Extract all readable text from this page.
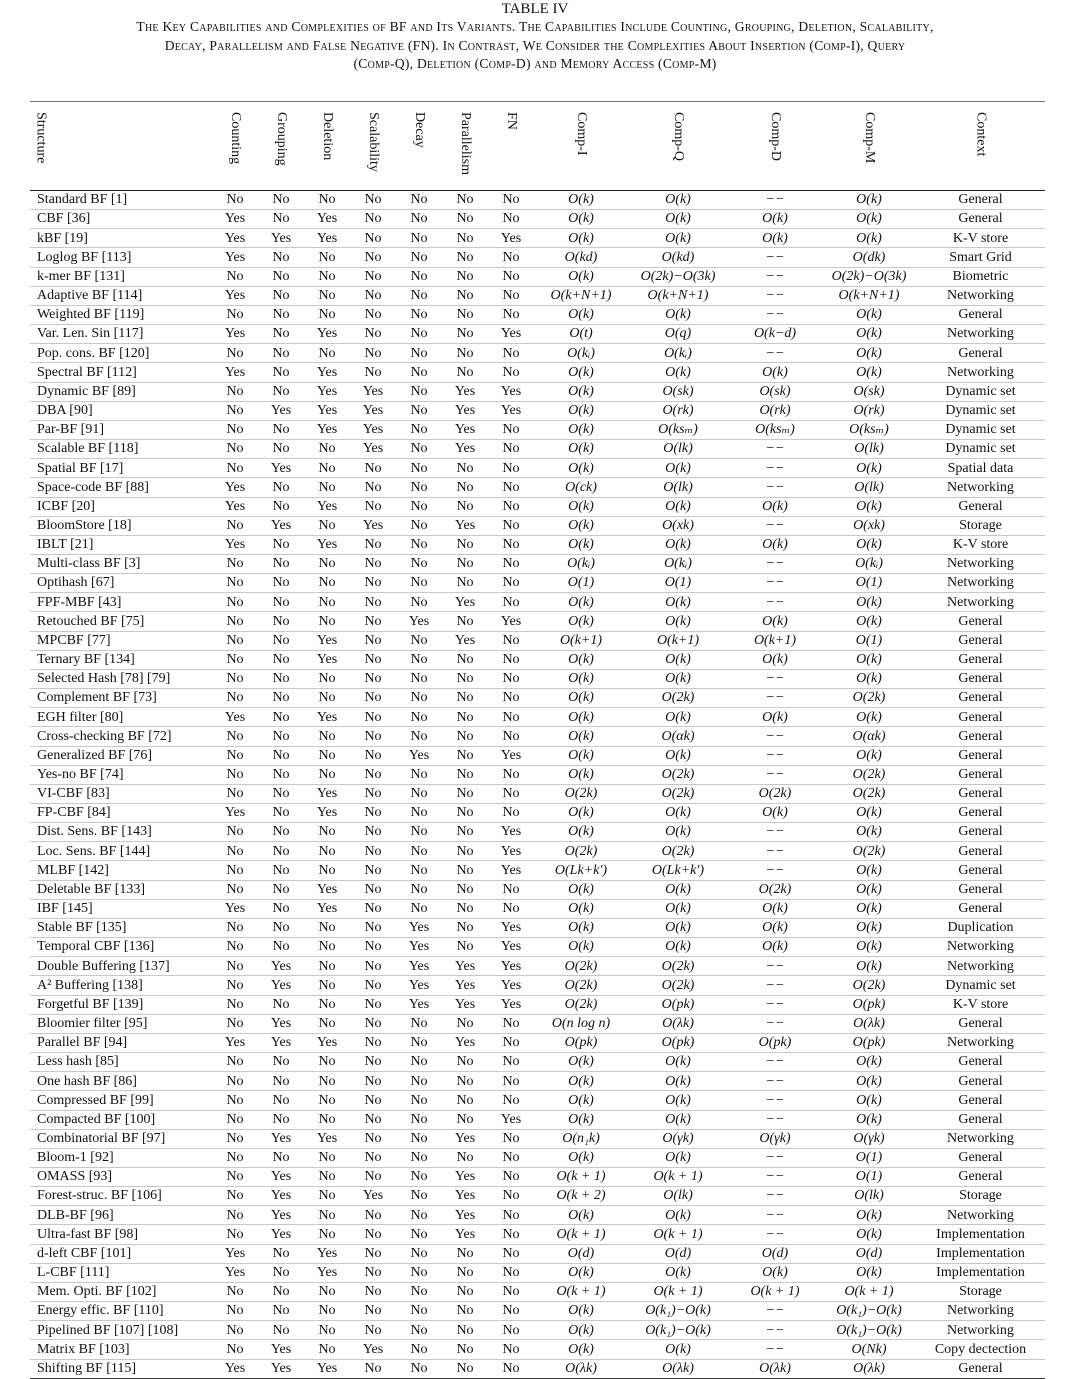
TABLE IV
The Key Capabilities and Complexities of BF and Its Variants. The Capabilities Include Counting, Grouping, Deletion, Scalability,
Decay, Parallelism and False Negative (FN). In Contrast, We Consider the Complexities About Insertion (Comp-I), Query
(Comp-Q), Deletion (Comp-D) and Memory Access (Comp-M)
Structure	Counting	Grouping	Deletion	Scalability	Decay	Parallelism	FN	Comp-I	Comp-Q	Comp-D	Comp-M	Context
Standard BF [1]	No	No	No	No	No	No	No	O(k)	O(k)	−−	O(k)	General
CBF [36]	Yes	No	Yes	No	No	No	No	O(k)	O(k)	O(k)	O(k)	General
kBF [19]	Yes	Yes	Yes	No	No	No	Yes	O(k)	O(k)	O(k)	O(k)	K-V store
Loglog BF [113]	Yes	No	No	No	No	No	No	O(kd)	O(kd)	−−	O(dk)	Smart Grid
k-mer BF [131]	No	No	No	No	No	No	No	O(k)	O(2k)−O(3k)	−−	O(2k)−O(3k)	Biometric
Adaptive BF [114]	Yes	No	No	No	No	No	No	O(k+N+1)	O(k+N+1)	−−	O(k+N+1)	Networking
Weighted BF [119]	No	No	No	No	No	No	No	O(k)	O(k)	−−	O(k)	General
Var. Len. Sin [117]	Yes	No	Yes	No	No	No	Yes	O(t)	O(q)	O(k−d)	O(k)	Networking
Pop. cons. BF [120]	No	No	No	No	No	No	No	O(kᵢ)	O(kᵢ)	−−	O(k)	General
Spectral BF [112]	Yes	No	Yes	No	No	No	No	O(k)	O(k)	O(k)	O(k)	Networking
Dynamic BF [89]	No	No	Yes	Yes	No	Yes	Yes	O(k)	O(sk)	O(sk)	O(sk)	Dynamic set
DBA [90]	No	Yes	Yes	Yes	No	Yes	Yes	O(k)	O(rk)	O(rk)	O(rk)	Dynamic set
Par-BF [91]	No	No	Yes	Yes	No	Yes	No	O(k)	O(ksₘ)	O(ksₘ)	O(ksₘ)	Dynamic set
Scalable BF [118]	No	No	No	Yes	No	Yes	No	O(k)	O(lk)	−−	O(lk)	Dynamic set
Spatial BF [17]	No	Yes	No	No	No	No	No	O(k)	O(k)	−−	O(k)	Spatial data
Space-code BF [88]	Yes	No	No	No	No	No	No	O(ck)	O(lk)	−−	O(lk)	Networking
ICBF [20]	Yes	No	Yes	No	No	No	No	O(k)	O(k)	O(k)	O(k)	General
BloomStore [18]	No	Yes	No	Yes	No	Yes	No	O(k)	O(xk)	−−	O(xk)	Storage
IBLT [21]	Yes	No	Yes	No	No	No	No	O(k)	O(k)	O(k)	O(k)	K-V store
Multi-class BF [3]	No	No	No	No	No	No	No	O(kᵢ)	O(kᵢ)	−−	O(kᵢ)	Networking
Optihash [67]	No	No	No	No	No	No	No	O(1)	O(1)	−−	O(1)	Networking
FPF-MBF [43]	No	No	No	No	No	Yes	No	O(k)	O(k)	−−	O(k)	Networking
Retouched BF [75]	No	No	No	No	Yes	No	Yes	O(k)	O(k)	O(k)	O(k)	General
MPCBF [77]	No	No	Yes	No	No	Yes	No	O(k+1)	O(k+1)	O(k+1)	O(1)	General
Ternary BF [134]	No	No	Yes	No	No	No	No	O(k)	O(k)	O(k)	O(k)	General
Selected Hash [78] [79]	No	No	No	No	No	No	No	O(k)	O(k)	−−	O(k)	General
Complement BF [73]	No	No	No	No	No	No	No	O(k)	O(2k)	−−	O(2k)	General
EGH filter [80]	Yes	No	Yes	No	No	No	No	O(k)	O(k)	O(k)	O(k)	General
Cross-checking BF [72]	No	No	No	No	No	No	No	O(k)	O(αk)	−−	O(αk)	General
Generalized BF [76]	No	No	No	No	Yes	No	Yes	O(k)	O(k)	−−	O(k)	General
Yes-no BF [74]	No	No	No	No	No	No	No	O(k)	O(2k)	−−	O(2k)	General
VI-CBF [83]	No	No	Yes	No	No	No	No	O(2k)	O(2k)	O(2k)	O(2k)	General
FP-CBF [84]	Yes	No	Yes	No	No	No	No	O(k)	O(k)	O(k)	O(k)	General
Dist. Sens. BF [143]	No	No	No	No	No	No	Yes	O(k)	O(k)	−−	O(k)	General
Loc. Sens. BF [144]	No	No	No	No	No	No	Yes	O(2k)	O(2k)	−−	O(2k)	General
MLBF [142]	No	No	No	No	No	No	Yes	O(Lk+k′)	O(Lk+k′)	−−	O(k)	General
Deletable BF [133]	No	No	Yes	No	No	No	No	O(k)	O(k)	O(2k)	O(k)	General
IBF [145]	Yes	No	Yes	No	No	No	No	O(k)	O(k)	O(k)	O(k)	General
Stable BF [135]	No	No	No	No	Yes	No	Yes	O(k)	O(k)	O(k)	O(k)	Duplication
Temporal CBF [136]	No	No	No	No	Yes	No	Yes	O(k)	O(k)	O(k)	O(k)	Networking
Double Buffering [137]	No	Yes	No	No	Yes	Yes	Yes	O(2k)	O(2k)	−−	O(k)	Networking
A² Buffering [138]	No	Yes	No	No	Yes	Yes	Yes	O(2k)	O(2k)	−−	O(2k)	Dynamic set
Forgetful BF [139]	No	No	No	No	Yes	Yes	Yes	O(2k)	O(pk)	−−	O(pk)	K-V store
Bloomier filter [95]	No	Yes	No	No	No	No	No	O(n log n)	O(λk)	−−	O(λk)	General
Parallel BF [94]	Yes	Yes	Yes	No	No	Yes	No	O(pk)	O(pk)	O(pk)	O(pk)	Networking
Less hash [85]	No	No	No	No	No	No	No	O(k)	O(k)	−−	O(k)	General
One hash BF [86]	No	No	No	No	No	No	No	O(k)	O(k)	−−	O(k)	General
Compressed BF [99]	No	No	No	No	No	No	No	O(k)	O(k)	−−	O(k)	General
Compacted BF [100]	No	No	No	No	No	No	Yes	O(k)	O(k)	−−	O(k)	General
Combinatorial BF [97]	No	Yes	Yes	No	No	Yes	No	O(n₁k)	O(γk)	O(γk)	O(γk)	Networking
Bloom-1 [92]	No	No	No	No	No	No	No	O(k)	O(k)	−−	O(1)	General
OMASS [93]	No	Yes	No	No	No	Yes	No	O(k + 1)	O(k + 1)	−−	O(1)	General
Forest-struc. BF [106]	No	Yes	No	Yes	No	Yes	No	O(k + 2)	O(lk)	−−	O(lk)	Storage
DLB-BF [96]	No	Yes	No	No	No	Yes	No	O(k)	O(k)	−−	O(k)	Networking
Ultra-fast BF [98]	No	Yes	No	No	No	Yes	No	O(k + 1)	O(k + 1)	−−	O(k)	Implementation
d-left CBF [101]	Yes	No	Yes	No	No	No	No	O(d)	O(d)	O(d)	O(d)	Implementation
L-CBF [111]	Yes	No	Yes	No	No	No	No	O(k)	O(k)	O(k)	O(k)	Implementation
Mem. Opti. BF [102]	No	No	No	No	No	No	No	O(k + 1)	O(k + 1)	O(k + 1)	O(k + 1)	Storage
Energy effic. BF [110]	No	No	No	No	No	No	No	O(k)	O(k₁)−O(k)	−−	O(k₁)−O(k)	Networking
Pipelined BF [107] [108]	No	No	No	No	No	No	No	O(k)	O(k₁)−O(k)	−−	O(k₁)−O(k)	Networking
Matrix BF [103]	No	Yes	No	Yes	No	No	No	O(k)	O(k)	−−	O(Nk)	Copy dectection
Shifting BF [115]	Yes	Yes	Yes	No	No	No	No	O(λk)	O(λk)	O(λk)	O(λk)	General
